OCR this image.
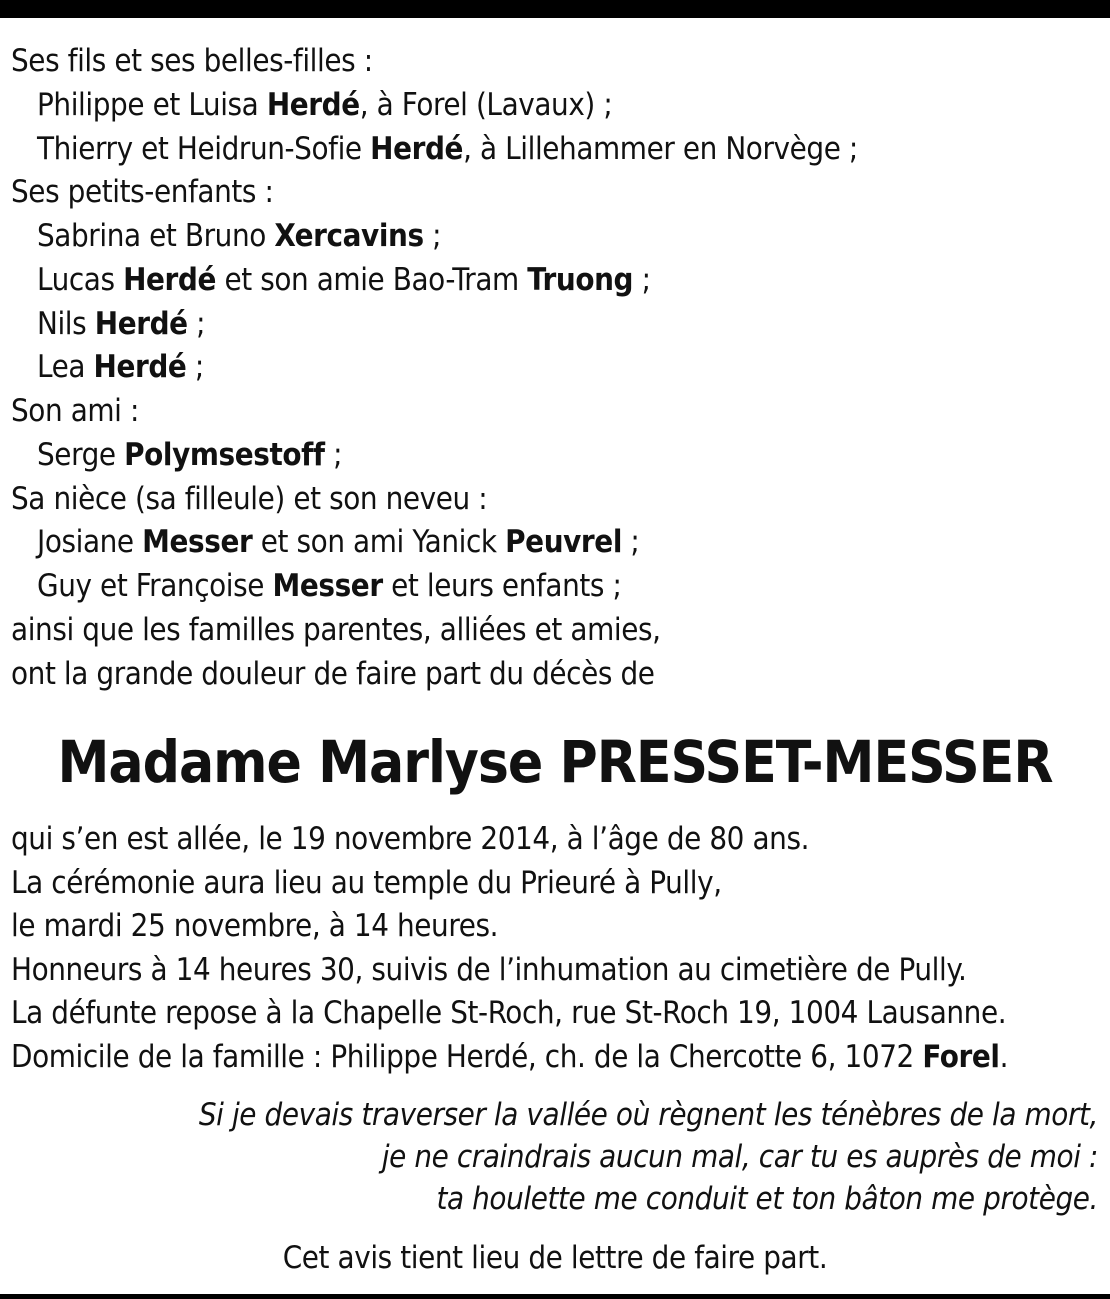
Ses fils et ses belles-filles :
Philippe et Luisa Herdé, à Forel (Lavaux) ;
Thierry et Heidrun-Sofie Herdé, à Lillehammer en Norvège ;
Ses petits-enfants :
Sabrina et Bruno Xercavins ;
Lucas Herdé et son amie Bao-Tram Truong ;
Nils Herdé ;
Lea Herdé ;
Son ami :
Serge Polymsestoff ;
Sa nièce (sa filleule) et son neveu :
Josiane Messer et son ami Yanick Peuvrel ;
Guy et Françoise Messer et leurs enfants ;
ainsi que les familles parentes, alliées et amies,
ont la grande douleur de faire part du décès de
Madame Marlyse PRESSET-MESSER
qui s’en est allée, le 19 novembre 2014, à l’âge de 80 ans.
La cérémonie aura lieu au temple du Prieuré à Pully,
le mardi 25 novembre, à 14 heures.
Honneurs à 14 heures 30, suivis de l’inhumation au cimetière de Pully.
La défunte repose à la Chapelle St-Roch, rue St-Roch 19, 1004 Lausanne.
Domicile de la famille : Philippe Herdé, ch. de la Chercotte 6, 1072 Forel.
Si je devais traverser la vallée où règnent les ténèbres de la mort,
je ne craindrais aucun mal, car tu es auprès de moi :
ta houlette me conduit et ton bâton me protège.
Cet avis tient lieu de lettre de faire part.
